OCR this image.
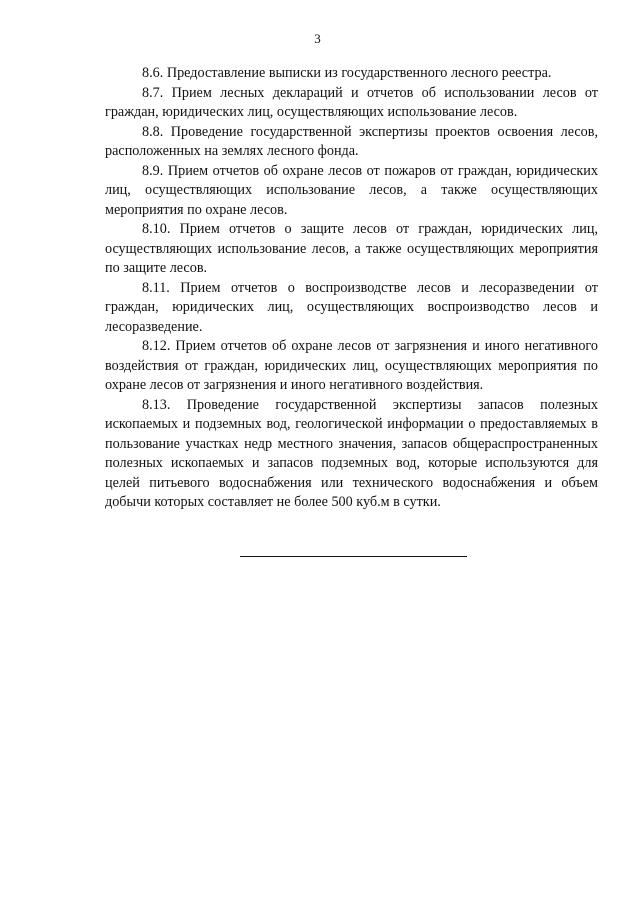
3

8.6. Предоставление выписки из государственного лесного реестра.

8.7. Прием лесных деклараций и отчетов об использовании лесов от граждан, юридических лиц, осуществляющих использование лесов.

8.8. Проведение государственной экспертизы проектов освоения лесов, расположенных на землях лесного фонда.

8.9. Прием отчетов об охране лесов от пожаров от граждан, юридических лиц, осуществляющих использование лесов, а также осуществляющих мероприятия по охране лесов.

8.10. Прием отчетов о защите лесов от граждан, юридических лиц, осуществляющих использование лесов, а также осуществляющих мероприятия по защите лесов.

8.11. Прием отчетов о воспроизводстве лесов и лесоразведении от граждан, юридических лиц, осуществляющих воспроизводство лесов и лесоразведение.

8.12. Прием отчетов об охране лесов от загрязнения и иного негативного воздействия от граждан, юридических лиц, осуществляющих мероприятия по охране лесов от загрязнения и иного негативного воздействия.

8.13. Проведение государственной экспертизы запасов полезных ископаемых и подземных вод, геологической информации о предоставляемых в пользование участках недр местного значения, запасов общераспространенных полезных ископаемых и запасов подземных вод, которые используются для целей питьевого водоснабжения или технического водоснабжения и объем добычи которых составляет не более 500 куб.м в сутки.
